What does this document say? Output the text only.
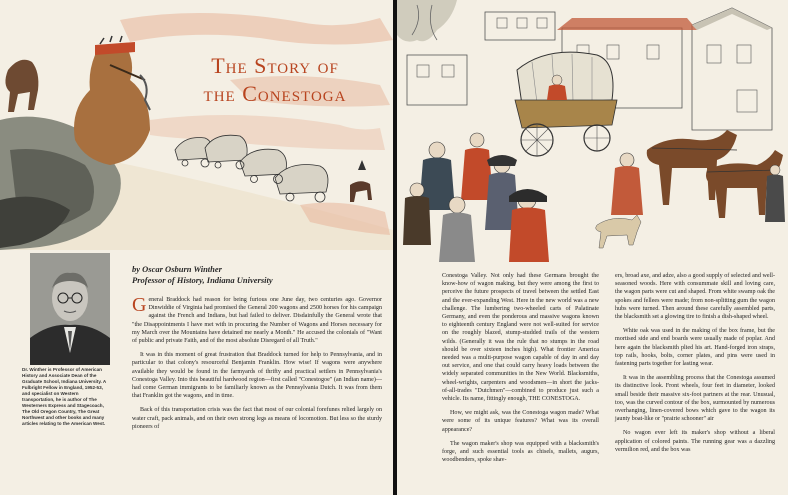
The Story of
the Conestoga
Dr. Winther is Professor of American History and Associate Dean of the Graduate School, Indiana University. A Fulbright Fellow in England, 1952-53, and specialist on Western transportation, he is author of The Westerners Express and Stagecoach, The Old Oregon Country, The Great Northwest and other books and many articles relating to the American West.
by Oscar Osburn Winther
Professor of History, Indiana University

General Braddock had reason for being furious one June day, two centuries ago. Governor Dinwiddie of Virginia had promised the General 200 wagons and 2500 horses for his campaign against the French and Indians, but had failed to deliver. Disdainfully the General wrote that "the Disappointments I have met with in procuring the Number of Wagons and Horses necessary for my March over the Mountains have detained me nearly a Month." He accused the colonials of "Want of public and private Faith, and of the most absolute Disregard of all Truth."

It was in this moment of great frustration that Braddock turned for help to Pennsylvania, and in particular to that colony's resourceful Benjamin Franklin. How wise! If wagons were anywhere available they would be found in the farmyards of thrifty and practical settlers in Pennsylvania's Conestoga Valley. Into this beautiful hardwood region—first called "Conestogoe" (an Indian name)—had come German immigrants to be familiarly known as the Pennsylvania Dutch. It was from them that Franklin got the wagons, and in time.

Back of this transportation crisis was the fact that most of our colonial forefunes relied largely on water craft, pack animals, and on their own strong legs as means of locomotion. But less so the sturdy pioneers of

Conestoga Valley. Not only had these Germans brought the know-how of wagon making, but they were among the first to perceive the future prospects of travel between the settled East and the ever-expanding West. Here in the new world was a new challenge. The lumbering two-wheeled carts of Palatinate Germany, and even the ponderous and massive wagons known to eighteenth century England were not well-suited for service on the roughly blazed, stump-studded trails of the western wilds. (Generally it was the rule that no stumps in the road should be over sixteen inches high). What frontier America needed was a multi-purpose wagon capable of day in and day out service, and one that could carry heavy loads between the widely separated communities in the New World. Blacksmiths, wheel-wrights, carpenters and woodsmen—in short the jacks-of-all-trades "Dutchmen"—combined to produce just such a vehicle. Its name, fittingly enough, THE CONESTOGA.

How, we might ask, was the Conestoga wagon made? What were some of its unique features? What was its overall appearance?

The wagon maker's shop was equipped with a blacksmith's forge, and such essential tools as chisels, mallets, augurs, woodbenders, spoke shav-

ers, broad axe, and adze, also a good supply of selected and well-seasoned woods. Here with consummate skill and loving care, the wagon parts were cut and shaped. From white swamp oak the spokes and fellees were made; from non-splitting gum the wagon hubs were turned. Then around these carefully assembled parts, the blacksmith set a glowing tire to finish a dish-shaped wheel.

White oak was used in the making of the box frame, but the mortised side and end boards were usually made of poplar. And here again the blacksmith plied his art. Hand-forged iron straps, top rails, hooks, bolts, corner plates, and pins were used in fastening parts together for lasting wear.

It was in the assembling process that the Conestoga assumed its distinctive look. Front wheels, four feet in diameter, looked small beside their massive six-foot partners at the rear. Unusual, too, was the curved contour of the box, surmounted by numerous overhanging, linen-covered bows which gave to the wagon its jaunty boat-like or "prairie schooner" air

No wagon ever left its maker's shop without a liberal application of colored paints. The running gear was a dazzling vermilion red, and the box was
